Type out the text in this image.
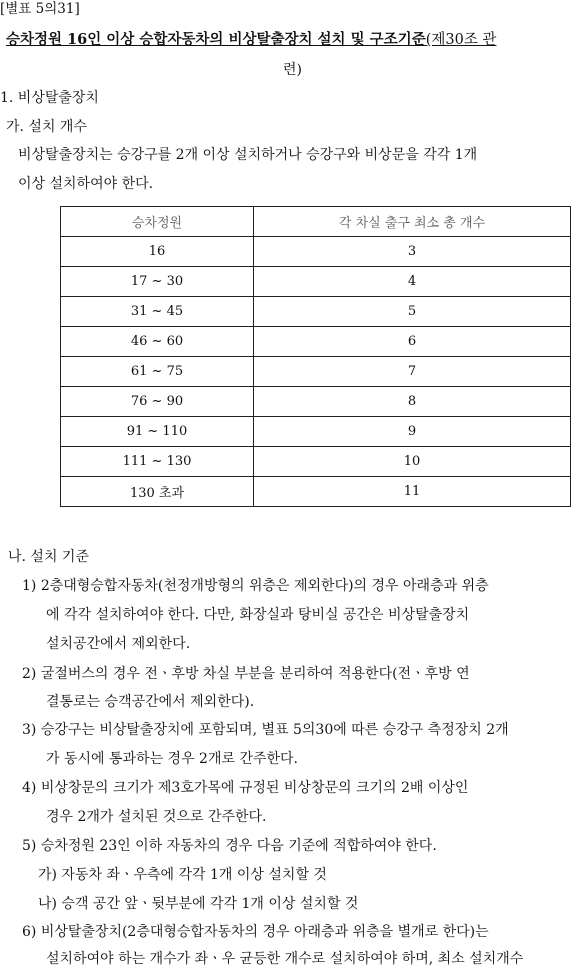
[별표 5의31]
승차정원 16인 이상 승합자동차의 비상탈출장치 설치 및 구조기준(제30조 관
련)
1. 비상탈출장치
가. 설치 개수
비상탈출장치는 승강구를 2개 이상 설치하거나 승강구와 비상문을 각각 1개
이상 설치하여야 한다.
승차정원	각 차실 출구 최소 총 개수
16	3
17 ~ 30	4
31 ~ 45	5
46 ~ 60	6
61 ~ 75	7
76 ~ 90	8
91 ~ 110	9
111 ~ 130	10
130 초과	11
나. 설치 기준
1) 2층대형승합자동차(천정개방형의 위층은 제외한다)의 경우 아래층과 위층
에 각각 설치하여야 한다. 다만, 화장실과 탕비실 공간은 비상탈출장치
설치공간에서 제외한다.
2) 굴절버스의 경우 전ㆍ후방 차실 부분을 분리하여 적용한다(전ㆍ후방 연
결통로는 승객공간에서 제외한다).
3) 승강구는 비상탈출장치에 포함되며, 별표 5의30에 따른 승강구 측정장치 2개
가 동시에 통과하는 경우 2개로 간주한다.
4) 비상창문의 크기가 제3호가목에 규정된 비상창문의 크기의 2배 이상인
경우 2개가 설치된 것으로 간주한다.
5) 승차정원 23인 이하 자동차의 경우 다음 기준에 적합하여야 한다.
가) 자동차 좌ㆍ우측에 각각 1개 이상 설치할 것
나) 승객 공간 앞ㆍ뒷부분에 각각 1개 이상 설치할 것
6) 비상탈출장치(2층대형승합자동차의 경우 아래층과 위층을 별개로 한다)는
설치하여야 하는 개수가 좌ㆍ우 균등한 개수로 설치하여야 하며, 최소 설치개수
